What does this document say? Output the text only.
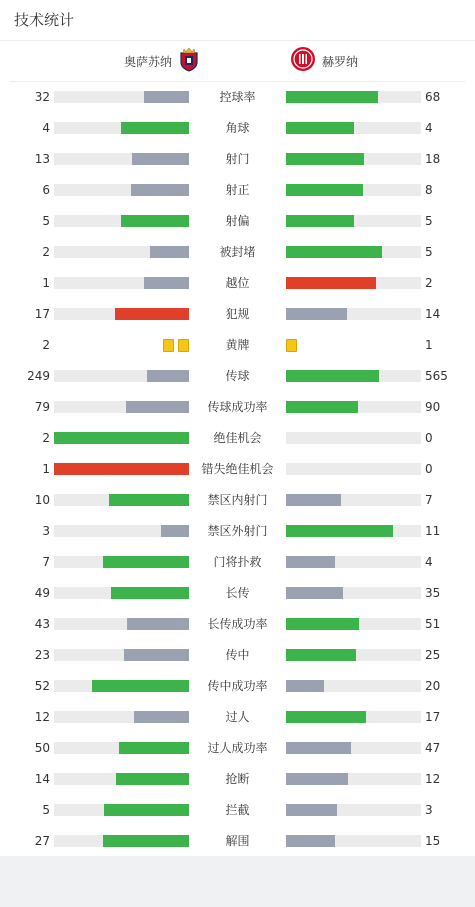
技术统计
奥萨苏纳	赫罗纳
32	控球率	68
4	角球	4
13	射门	18
6	射正	8
5	射偏	5
2	被封堵	5
1	越位	2
17	犯规	14
2	黄牌	1
249	传球	565
79	传球成功率	90
2	绝佳机会	0
1	错失绝佳机会	0
10	禁区内射门	7
3	禁区外射门	11
7	门将扑救	4
49	长传	35
43	长传成功率	51
23	传中	25
52	传中成功率	20
12	过人	17
50	过人成功率	47
14	抢断	12
5	拦截	3
27	解围	15
